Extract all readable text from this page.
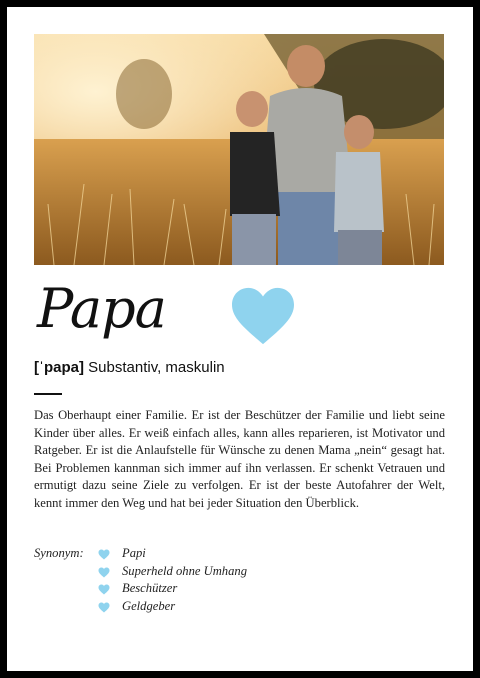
Papa
[ˈpapa] Substantiv, maskulin
Das Oberhaupt einer Familie. Er ist der Beschützer der Familie und liebt seine Kinder über alles. Er weiß einfach alles, kann alles reparieren, ist Motivator und Ratgeber. Er ist die Anlaufstelle für Wünsche zu denen Mama „nein“ gesagt hat. Bei Problemen kannman sich immer auf ihn verlassen. Er schenkt Vetrauen und ermutigt dazu seine Ziele zu verfolgen. Er ist der beste Autofahrer der Welt, kennt immer den Weg und hat bei jeder Situation den Überblick.
Synonym:	Papi
Superheld ohne Umhang
Beschützer
Geldgeber
